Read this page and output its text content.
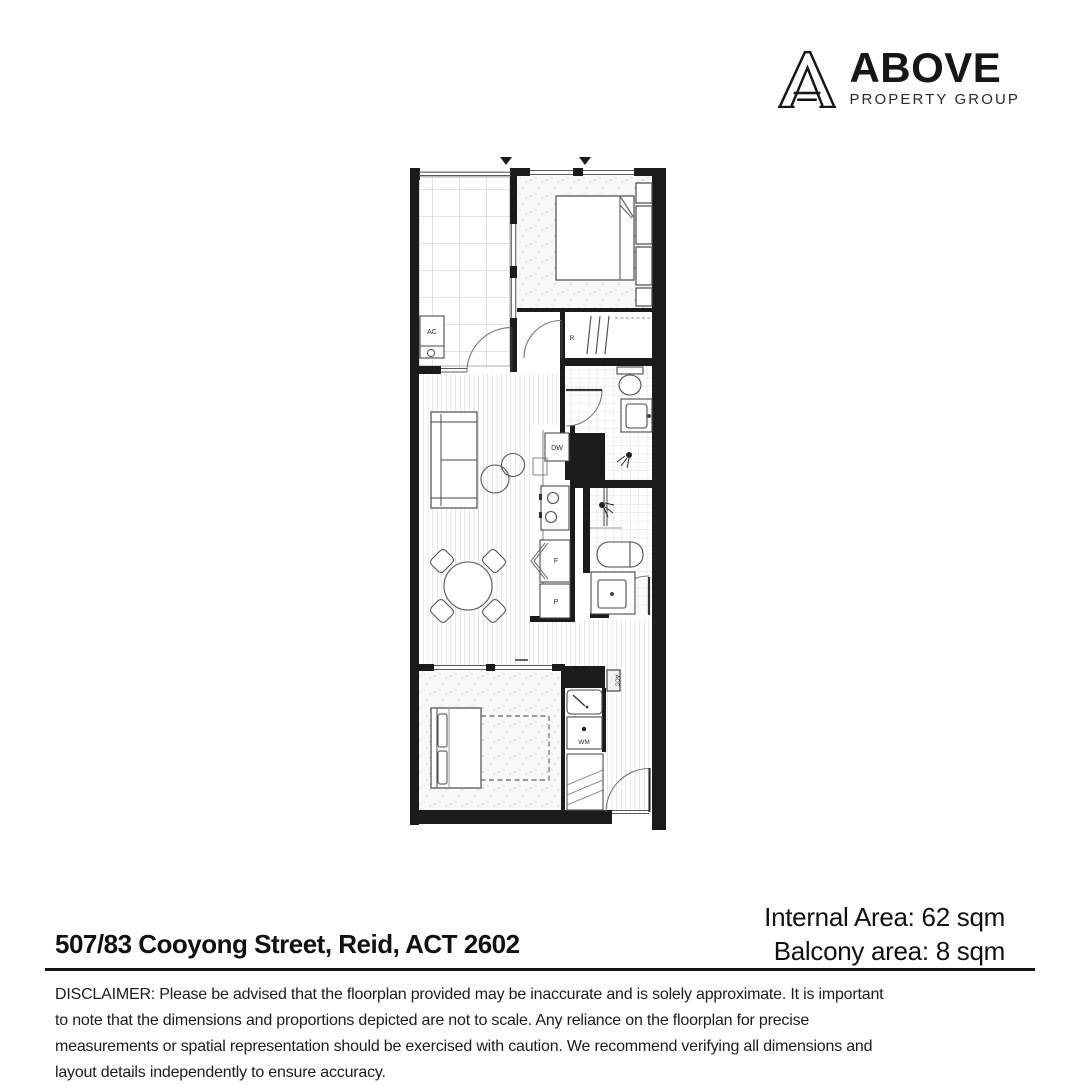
ABOVE
PROPERTY GROUP
AC
R
DW
F
P
WM
ACC
507/83 Cooyong Street, Reid, ACT 2602
Internal Area: 62 sqm
Balcony area: 8 sqm
DISCLAIMER: Please be advised that the floorplan provided may be inaccurate and is solely approximate. It is important to note that the dimensions and proportions depicted are not to scale. Any reliance on the floorplan for precise measurements or spatial representation should be exercised with caution. We recommend verifying all dimensions and layout details independently to ensure accuracy.
